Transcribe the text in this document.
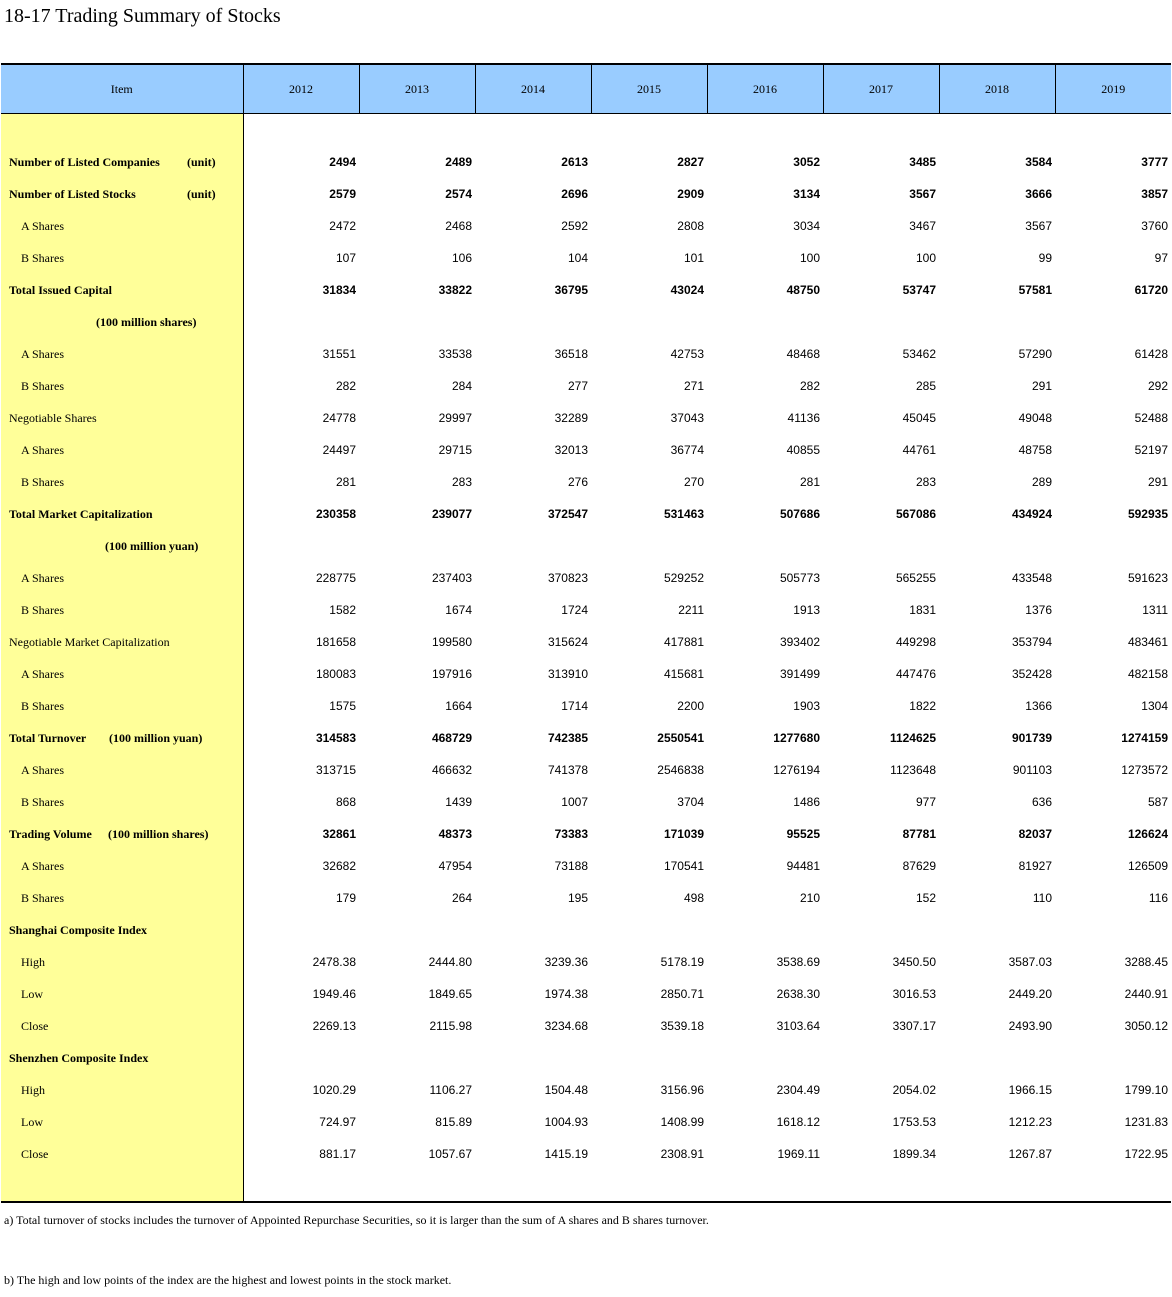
18-17 Trading Summary of Stocks
Item	2012	2013	2014	2015	2016	2017	2018	2019

Number of Listed Companies (unit)	2494	2489	2613	2827	3052	3485	3584	3777
Number of Listed Stocks (unit)	2579	2574	2696	2909	3134	3567	3666	3857
A Shares	2472	2468	2592	2808	3034	3467	3567	3760
B Shares	107	106	104	101	100	100	99	97
Total Issued Capital	31834	33822	36795	43024	48750	53747	57581	61720
(100 million shares)								
A Shares	31551	33538	36518	42753	48468	53462	57290	61428
B Shares	282	284	277	271	282	285	291	292
Negotiable Shares	24778	29997	32289	37043	41136	45045	49048	52488
A Shares	24497	29715	32013	36774	40855	44761	48758	52197
B Shares	281	283	276	270	281	283	289	291
Total Market Capitalization	230358	239077	372547	531463	507686	567086	434924	592935
(100 million yuan)								
A Shares	228775	237403	370823	529252	505773	565255	433548	591623
B Shares	1582	1674	1724	2211	1913	1831	1376	1311
Negotiable Market Capitalization	181658	199580	315624	417881	393402	449298	353794	483461
A Shares	180083	197916	313910	415681	391499	447476	352428	482158
B Shares	1575	1664	1714	2200	1903	1822	1366	1304
Total Turnover (100 million yuan)	314583	468729	742385	2550541	1277680	1124625	901739	1274159
A Shares	313715	466632	741378	2546838	1276194	1123648	901103	1273572
B Shares	868	1439	1007	3704	1486	977	636	587
Trading Volume (100 million shares)	32861	48373	73383	171039	95525	87781	82037	126624
A Shares	32682	47954	73188	170541	94481	87629	81927	126509
B Shares	179	264	195	498	210	152	110	116
Shanghai Composite Index								
High	2478.38	2444.80	3239.36	5178.19	3538.69	3450.50	3587.03	3288.45
Low	1949.46	1849.65	1974.38	2850.71	2638.30	3016.53	2449.20	2440.91
Close	2269.13	2115.98	3234.68	3539.18	3103.64	3307.17	2493.90	3050.12
Shenzhen Composite Index								
High	1020.29	1106.27	1504.48	3156.96	2304.49	2054.02	1966.15	1799.10
Low	724.97	815.89	1004.93	1408.99	1618.12	1753.53	1212.23	1231.83
Close	881.17	1057.67	1415.19	2308.91	1969.11	1899.34	1267.87	1722.95

a) Total turnover of stocks includes the turnover of Appointed Repurchase Securities, so it is larger than the sum of A shares and B shares turnover.
b) The high and low points of the index are the highest and lowest points in the stock market.
